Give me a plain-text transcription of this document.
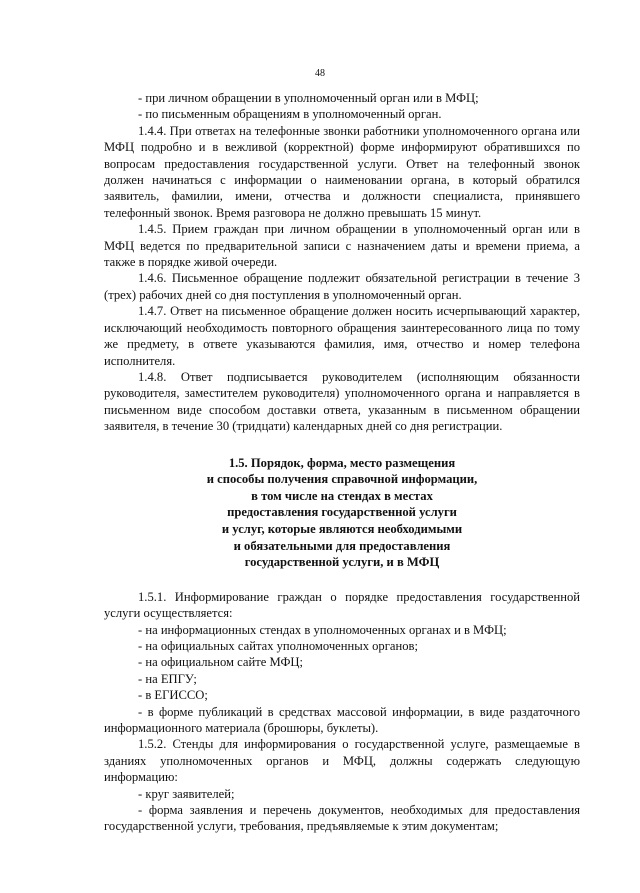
48

- при личном обращении в уполномоченный орган или в МФЦ;

- по письменным обращениям в уполномоченный орган.

1.4.4. При ответах на телефонные звонки работники уполномоченного органа или МФЦ подробно и в вежливой (корректной) форме информируют обратившихся по вопросам предоставления государственной услуги. Ответ на телефонный звонок должен начинаться с информации о наименовании органа, в который обратился заявитель, фамилии, имени, отчества и должности специалиста, принявшего телефонный звонок. Время разговора не должно превышать 15 минут.

1.4.5. Прием граждан при личном обращении в уполномоченный орган или в МФЦ ведется по предварительной записи с назначением даты и времени приема, а также в порядке живой очереди.

1.4.6. Письменное обращение подлежит обязательной регистрации в течение 3 (трех) рабочих дней со дня поступления в уполномоченный орган.

1.4.7. Ответ на письменное обращение должен носить исчерпывающий характер, исключающий необходимость повторного обращения заинтересованного лица по тому же предмету, в ответе указываются фамилия, имя, отчество и номер телефона исполнителя.

1.4.8. Ответ подписывается руководителем (исполняющим обязанности руководителя, заместителем руководителя) уполномоченного органа и направляется в письменном виде способом доставки ответа, указанным в письменном обращении заявителя, в течение 30 (тридцати) календарных дней со дня регистрации.

1.5. Порядок, форма, место размещения
и способы получения справочной информации,
в том числе на стендах в местах
предоставления государственной услуги
и услуг, которые являются необходимыми
и обязательными для предоставления
государственной услуги, и в МФЦ

1.5.1. Информирование граждан о порядке предоставления государственной услуги осуществляется:

- на информационных стендах в уполномоченных органах и в МФЦ;

- на официальных сайтах уполномоченных органов;

- на официальном сайте МФЦ;

- на ЕПГУ;

- в ЕГИССО;

- в форме публикаций в средствах массовой информации, в виде раздаточного информационного материала (брошюры, буклеты).

1.5.2. Стенды для информирования о государственной услуге, размещаемые в зданиях уполномоченных органов и МФЦ, должны содержать следующую информацию:

- круг заявителей;

- форма заявления и перечень документов, необходимых для предоставления государственной услуги, требования, предъявляемые к этим документам;
